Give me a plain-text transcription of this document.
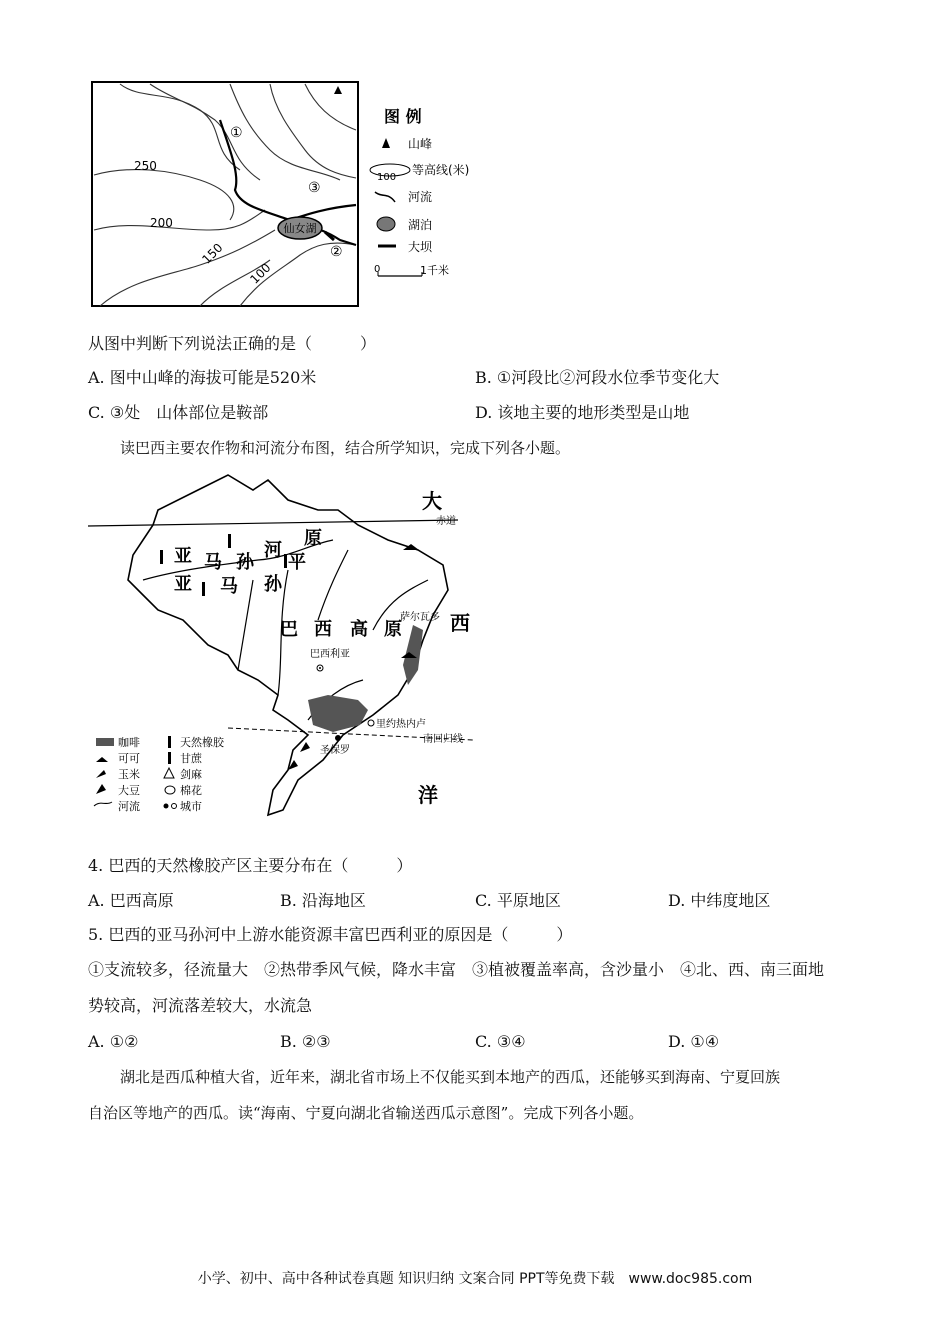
仙女湖
250
200
150
100
①
②
③
图 例
山峰
100
等高线(米)
河流
湖泊
大坝
0	1千米
从图中判断下列说法正确的是（　　　）
A. 图中山峰的海拔可能是520米	B. ①河段比②河段水位季节变化大
C. ③处　山体部位是鞍部	D. 该地主要的地形类型是山地
读巴西主要农作物和河流分布图，结合所学知识，完成下列各小题。
赤道
南回归线
大
西
洋
亚 马 孙
河
平
原
亚 马 孙
巴 西 高 原
巴西利亚
里约热内卢
圣保罗
萨尔瓦多
咖啡	天然橡胶
可可	甘蔗
玉米	剑麻
大豆	棉花
河流	城市
4. 巴西的天然橡胶产区主要分布在（　　　）
A. 巴西高原	B. 沿海地区	C. 平原地区	D. 中纬度地区
5. 巴西的亚马孙河中上游水能资源丰富巴西利亚的原因是（　　　）
①支流较多，径流量大　②热带季风气候，降水丰富　③植被覆盖率高，含沙量小　④北、西、南三面地
势较高，河流落差较大，水流急
A. ①②	B. ②③	C. ③④	D. ①④
湖北是西瓜种植大省，近年来，湖北省市场上不仅能买到本地产的西瓜，还能够买到海南、宁夏回族
自治区等地产的西瓜。读“海南、宁夏向湖北省输送西瓜示意图”。完成下列各小题。
小学、初中、高中各种试卷真题 知识归纳 文案合同 PPT等免费下载　www.doc985.com
